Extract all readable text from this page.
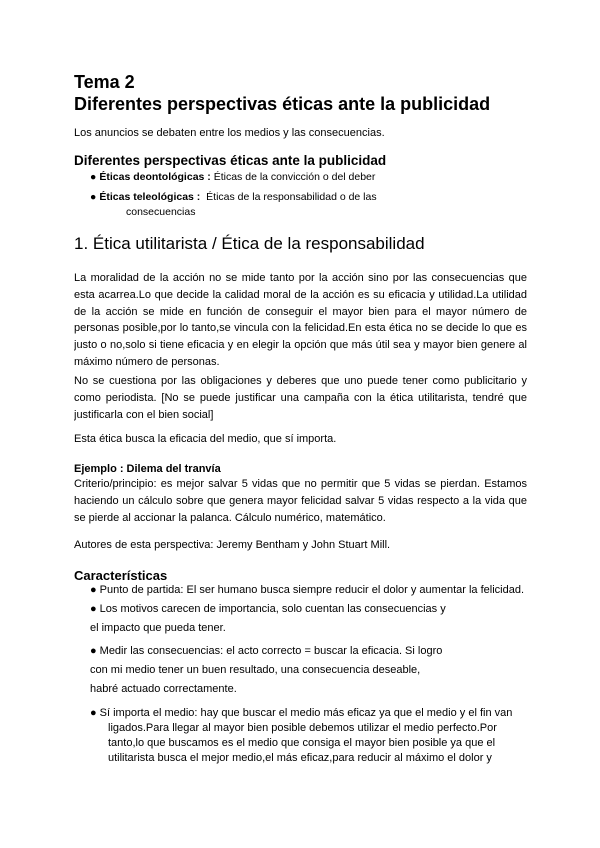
Tema 2
Diferentes perspectivas éticas ante la publicidad
Los anuncios se debaten entre los medios y las consecuencias.
Diferentes perspectivas éticas ante la publicidad
● Éticas deontológicas : Éticas de la convicción o del deber
● Éticas teleológicas : Éticas de la responsabilidad o de las
consecuencias
1. Ética utilitarista / Ética de la responsabilidad
La moralidad de la acción no se mide tanto por la acción sino por las consecuencias que
esta acarrea.Lo que decide la calidad moral de la acción es su eficacia y utilidad.La utilidad
de la acción se mide en función de conseguir el mayor bien para el mayor número de
personas posible,por lo tanto,se vincula con la felicidad.En esta ética no se decide lo que es
justo o no,solo si tiene eficacia y en elegir la opción que más útil sea y mayor bien genere al
máximo número de personas.
No se cuestiona por las obligaciones y deberes que uno puede tener como publicitario y
como periodista. [No se puede justificar una campaña con la ética utilitarista, tendré que
justificarla con el bien social]
Esta ética busca la eficacia del medio, que sí importa.
Ejemplo : Dilema del tranvía
Criterio/principio: es mejor salvar 5 vidas que no permitir que 5 vidas se pierdan. Estamos
haciendo un cálculo sobre que genera mayor felicidad salvar 5 vidas respecto a la vida que
se pierde al accionar la palanca. Cálculo numérico, matemático.
Autores de esta perspectiva: Jeremy Bentham y John Stuart Mill.
Características
● Punto de partida: El ser humano busca siempre reducir el dolor y aumentar la felicidad.
● Los motivos carecen de importancia, solo cuentan las consecuencias y
el impacto que pueda tener.
● Medir las consecuencias: el acto correcto = buscar la eficacia. Si logro
con mi medio tener un buen resultado, una consecuencia deseable,
habré actuado correctamente.
● Sí importa el medio: hay que buscar el medio más eficaz ya que el medio y el fin van
ligados.Para llegar al mayor bien posible debemos utilizar el medio perfecto.Por
tanto,lo que buscamos es el medio que consiga el mayor bien posible ya que el
utilitarista busca el mejor medio,el más eficaz,para reducir al máximo el dolor y
